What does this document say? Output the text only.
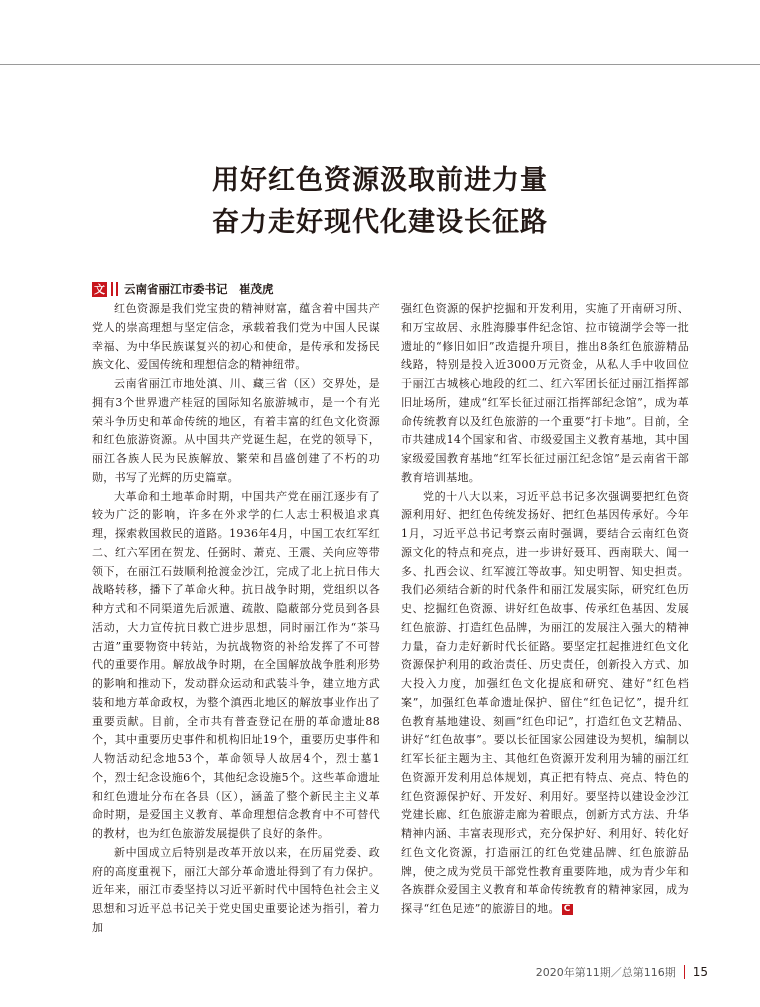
用好红色资源汲取前进力量
奋力走好现代化建设长征路
文 云南省丽江市委书记　崔茂虎

红色资源是我们党宝贵的精神财富，蕴含着中国共产党人的崇高理想与坚定信念，承载着我们党为中国人民谋幸福、为中华民族谋复兴的初心和使命，是传承和发扬民族文化、爱国传统和理想信念的精神纽带。

云南省丽江市地处滇、川、藏三省（区）交界处，是拥有3个世界遗产桂冠的国际知名旅游城市，是一个有光荣斗争历史和革命传统的地区，有着丰富的红色文化资源和红色旅游资源。从中国共产党诞生起，在党的领导下，丽江各族人民为民族解放、繁荣和昌盛创建了不朽的功勋，书写了光辉的历史篇章。

大革命和土地革命时期，中国共产党在丽江逐步有了较为广泛的影响，许多在外求学的仁人志士积极追求真理，探索救国救民的道路。1936年4月，中国工农红军红二、红六军团在贺龙、任弼时、萧克、王震、关向应等带领下，在丽江石鼓顺利抢渡金沙江，完成了北上抗日伟大战略转移，播下了革命火种。抗日战争时期，党组织以各种方式和不同渠道先后派遣、疏散、隐蔽部分党员到各县活动，大力宣传抗日救亡进步思想，同时丽江作为“茶马古道”重要物资中转站，为抗战物资的补给发挥了不可替代的重要作用。解放战争时期，在全国解放战争胜利形势的影响和推动下，发动群众运动和武装斗争，建立地方武装和地方革命政权，为整个滇西北地区的解放事业作出了重要贡献。目前，全市共有普查登记在册的革命遗址88个，其中重要历史事件和机构旧址19个，重要历史事件和人物活动纪念地53个，革命领导人故居4个，烈士墓1个，烈士纪念设施6个，其他纪念设施5个。这些革命遗址和红色遗址分布在各县（区），涵盖了整个新民主主义革命时期，是爱国主义教育、革命理想信念教育中不可替代的教材，也为红色旅游发展提供了良好的条件。

新中国成立后特别是改革开放以来，在历届党委、政府的高度重视下，丽江大部分革命遗址得到了有力保护。近年来，丽江市委坚持以习近平新时代中国特色社会主义思想和习近平总书记关于党史国史重要论述为指引，着力加

强红色资源的保护挖掘和开发利用，实施了开南研习所、和万宝故居、永胜海滕事件纪念馆、拉市镜湖学会等一批遗址的“修旧如旧”改造提升项目，推出8条红色旅游精品线路，特别是投入近3000万元资金，从私人手中收回位于丽江古城核心地段的红二、红六军团长征过丽江指挥部旧址场所，建成“红军长征过丽江指挥部纪念馆”，成为革命传统教育以及红色旅游的一个重要“打卡地”。目前，全市共建成14个国家和省、市级爱国主义教育基地，其中国家级爱国教育基地“红军长征过丽江纪念馆”是云南省干部教育培训基地。

党的十八大以来，习近平总书记多次强调要把红色资源利用好、把红色传统发扬好、把红色基因传承好。今年1月，习近平总书记考察云南时强调，要结合云南红色资源文化的特点和亮点，进一步讲好聂耳、西南联大、闻一多、扎西会议、红军渡江等故事。知史明智、知史担责。我们必须结合新的时代条件和丽江发展实际，研究红色历史、挖掘红色资源、讲好红色故事、传承红色基因、发展红色旅游、打造红色品牌，为丽江的发展注入强大的精神力量，奋力走好新时代长征路。要坚定扛起推进红色文化资源保护利用的政治责任、历史责任，创新投入方式、加大投入力度，加强红色文化提底和研究、建好“红色档案”，加强红色革命遗址保护、留住“红色记忆”，提升红色教育基地建设、刻画“红色印记”，打造红色文艺精品、讲好“红色故事”。要以长征国家公园建设为契机，编制以红军长征主题为主、其他红色资源开发利用为辅的丽江红色资源开发利用总体规划，真正把有特点、亮点、特色的红色资源保护好、开发好、利用好。要坚持以建设金沙江党建长廊、红色旅游走廊为着眼点，创新方式方法、升华精神内涵、丰富表现形式，充分保护好、利用好、转化好红色文化资源，打造丽江的红色党建品牌、红色旅游品牌，使之成为党员干部党性教育重要阵地，成为青少年和各族群众爱国主义教育和革命传统教育的精神家园，成为探寻“红色足迹”的旅游目的地。 C

2020年第11期／总第116期 15
